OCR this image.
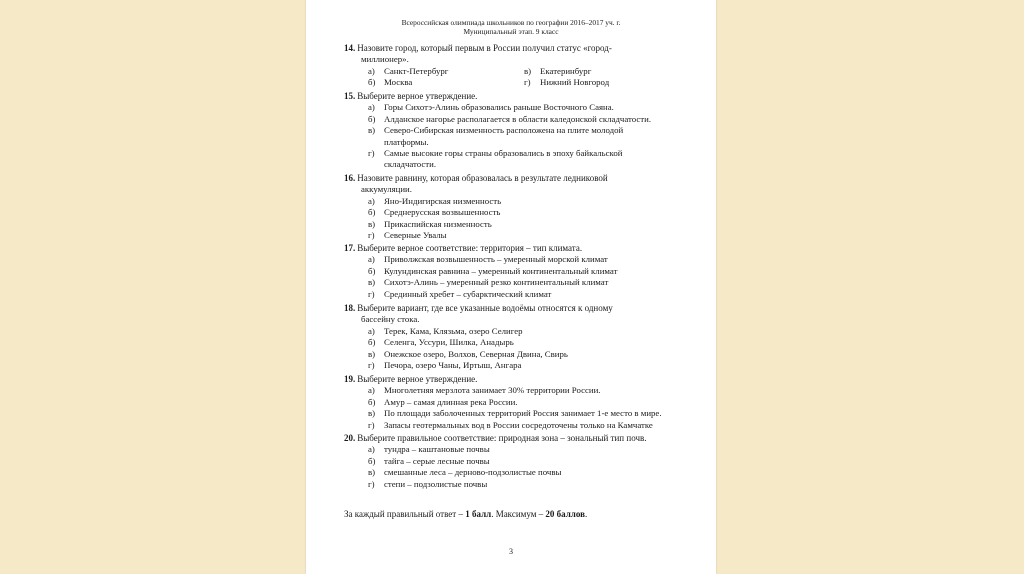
Всероссийская олимпиада школьников по географии 2016–2017 уч. г.
Муниципальный этап. 9 класс
14. Назовите город, который первым в России получил статус «город-
миллионер».
а)	Санкт-Петербург	в)	Екатеринбург
б) Москва	г)	Нижний Новгород
15. Выберите верное утверждение.
а)	Горы Сихотэ-Алинь образовались раньше Восточного Саяна.
б) Алданское нагорье располагается в области каледонской складчатости.
в)	Северо-Сибирская низменность расположена на плите молодой
платформы.
г)	Самые высокие горы страны образовались в эпоху байкальской
складчатости.
16. Назовите равнину, которая образовалась в результате ледниковой
аккумуляции.
а)	Яно-Индигирская низменность
б) Среднерусская возвышенность
в)	Прикаспийская низменность
г)	Северные Увалы
17. Выберите верное соответствие: территория – тип климата.
а)	Приволжская возвышенность – умеренный морской климат
б) Кулундинская равнина – умеренный континентальный климат
в)	Сихотэ-Алинь – умеренный резко континентальный климат
г)	Срединный хребет – субарктический климат
18. Выберите вариант, где все указанные водоёмы относятся к одному
бассейну стока.
а)	Терек, Кама, Клязьма, озеро Селигер
б) Селенга, Уссури, Шилка, Анадырь
в)	Онежское озеро, Волхов, Северная Двина, Свирь
г)	Печора, озеро Чаны, Иртыш, Ангара
19. Выберите верное утверждение.
а)	Многолетняя мерзлота занимает 30% территории России.
б) Амур – самая длинная река России.
в)	По площади заболоченных территорий Россия занимает 1-е место в мире.
г)	Запасы геотермальных вод в России сосредоточены только на Камчатке
20. Выберите правильное соответствие: природная зона – зональный тип почв.
а)	тундра – каштановые почвы
б) тайга – серые лесные почвы
в)	смешанные леса – дерново-подзолистые почвы
г)	степи – подзолистые почвы
За каждый правильный ответ – 1 балл. Максимум – 20 баллов.
3
